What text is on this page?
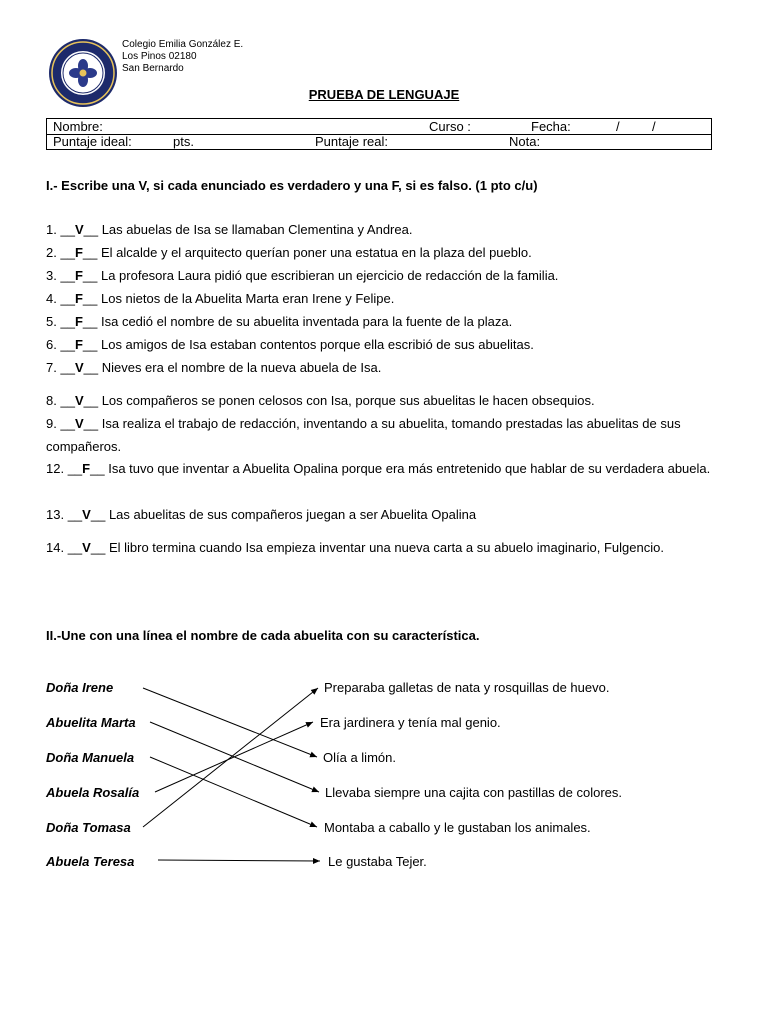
Colegio Emilia González E.
Los Pinos 02180
San Bernardo
PRUEBA DE LENGUAJE
Nombre:	Curso :	Fecha:	/ /
Puntaje ideal:	pts.	Puntaje real:	Nota:
I.- Escribe una V, si cada enunciado es verdadero y una F, si es falso. (1 pto c/u)
1. __V__ Las abuelas de Isa se llamaban Clementina y Andrea.
2. __F__ El alcalde y el arquitecto querían poner una estatua en la plaza del pueblo.
3. __F__ La profesora Laura pidió que escribieran un ejercicio de redacción de la familia.
4. __F__ Los nietos de la Abuelita Marta eran Irene y Felipe.
5. __F__ Isa cedió el nombre de su abuelita inventada para la fuente de la plaza.
6. __F__ Los amigos de Isa estaban contentos porque ella escribió de sus abuelitas.
7. __V__ Nieves era el nombre de la nueva abuela de Isa.
8. __V__ Los compañeros se ponen celosos con Isa, porque sus abuelitas le hacen obsequios.
9. __V__ Isa realiza el trabajo de redacción, inventando a su abuelita, tomando prestadas las abuelitas de sus compañeros.
12. __F__ Isa tuvo que inventar a Abuelita Opalina porque era más entretenido que hablar de su verdadera abuela.
13. __V__ Las abuelitas de sus compañeros juegan a ser Abuelita Opalina
14. __V__ El libro termina cuando Isa empieza inventar una nueva carta a su abuelo imaginario, Fulgencio.
II.-Une con una línea el nombre de cada abuelita con su característica.
Doña Irene
Abuelita Marta
Doña Manuela
Abuela Rosalía
Doña Tomasa
Abuela Teresa
Preparaba galletas de nata y rosquillas de huevo.
Era jardinera y tenía mal genio.
Olía a limón.
Llevaba siempre una cajita con pastillas de colores.
Montaba a caballo y le gustaban los animales.
Le gustaba Tejer.
